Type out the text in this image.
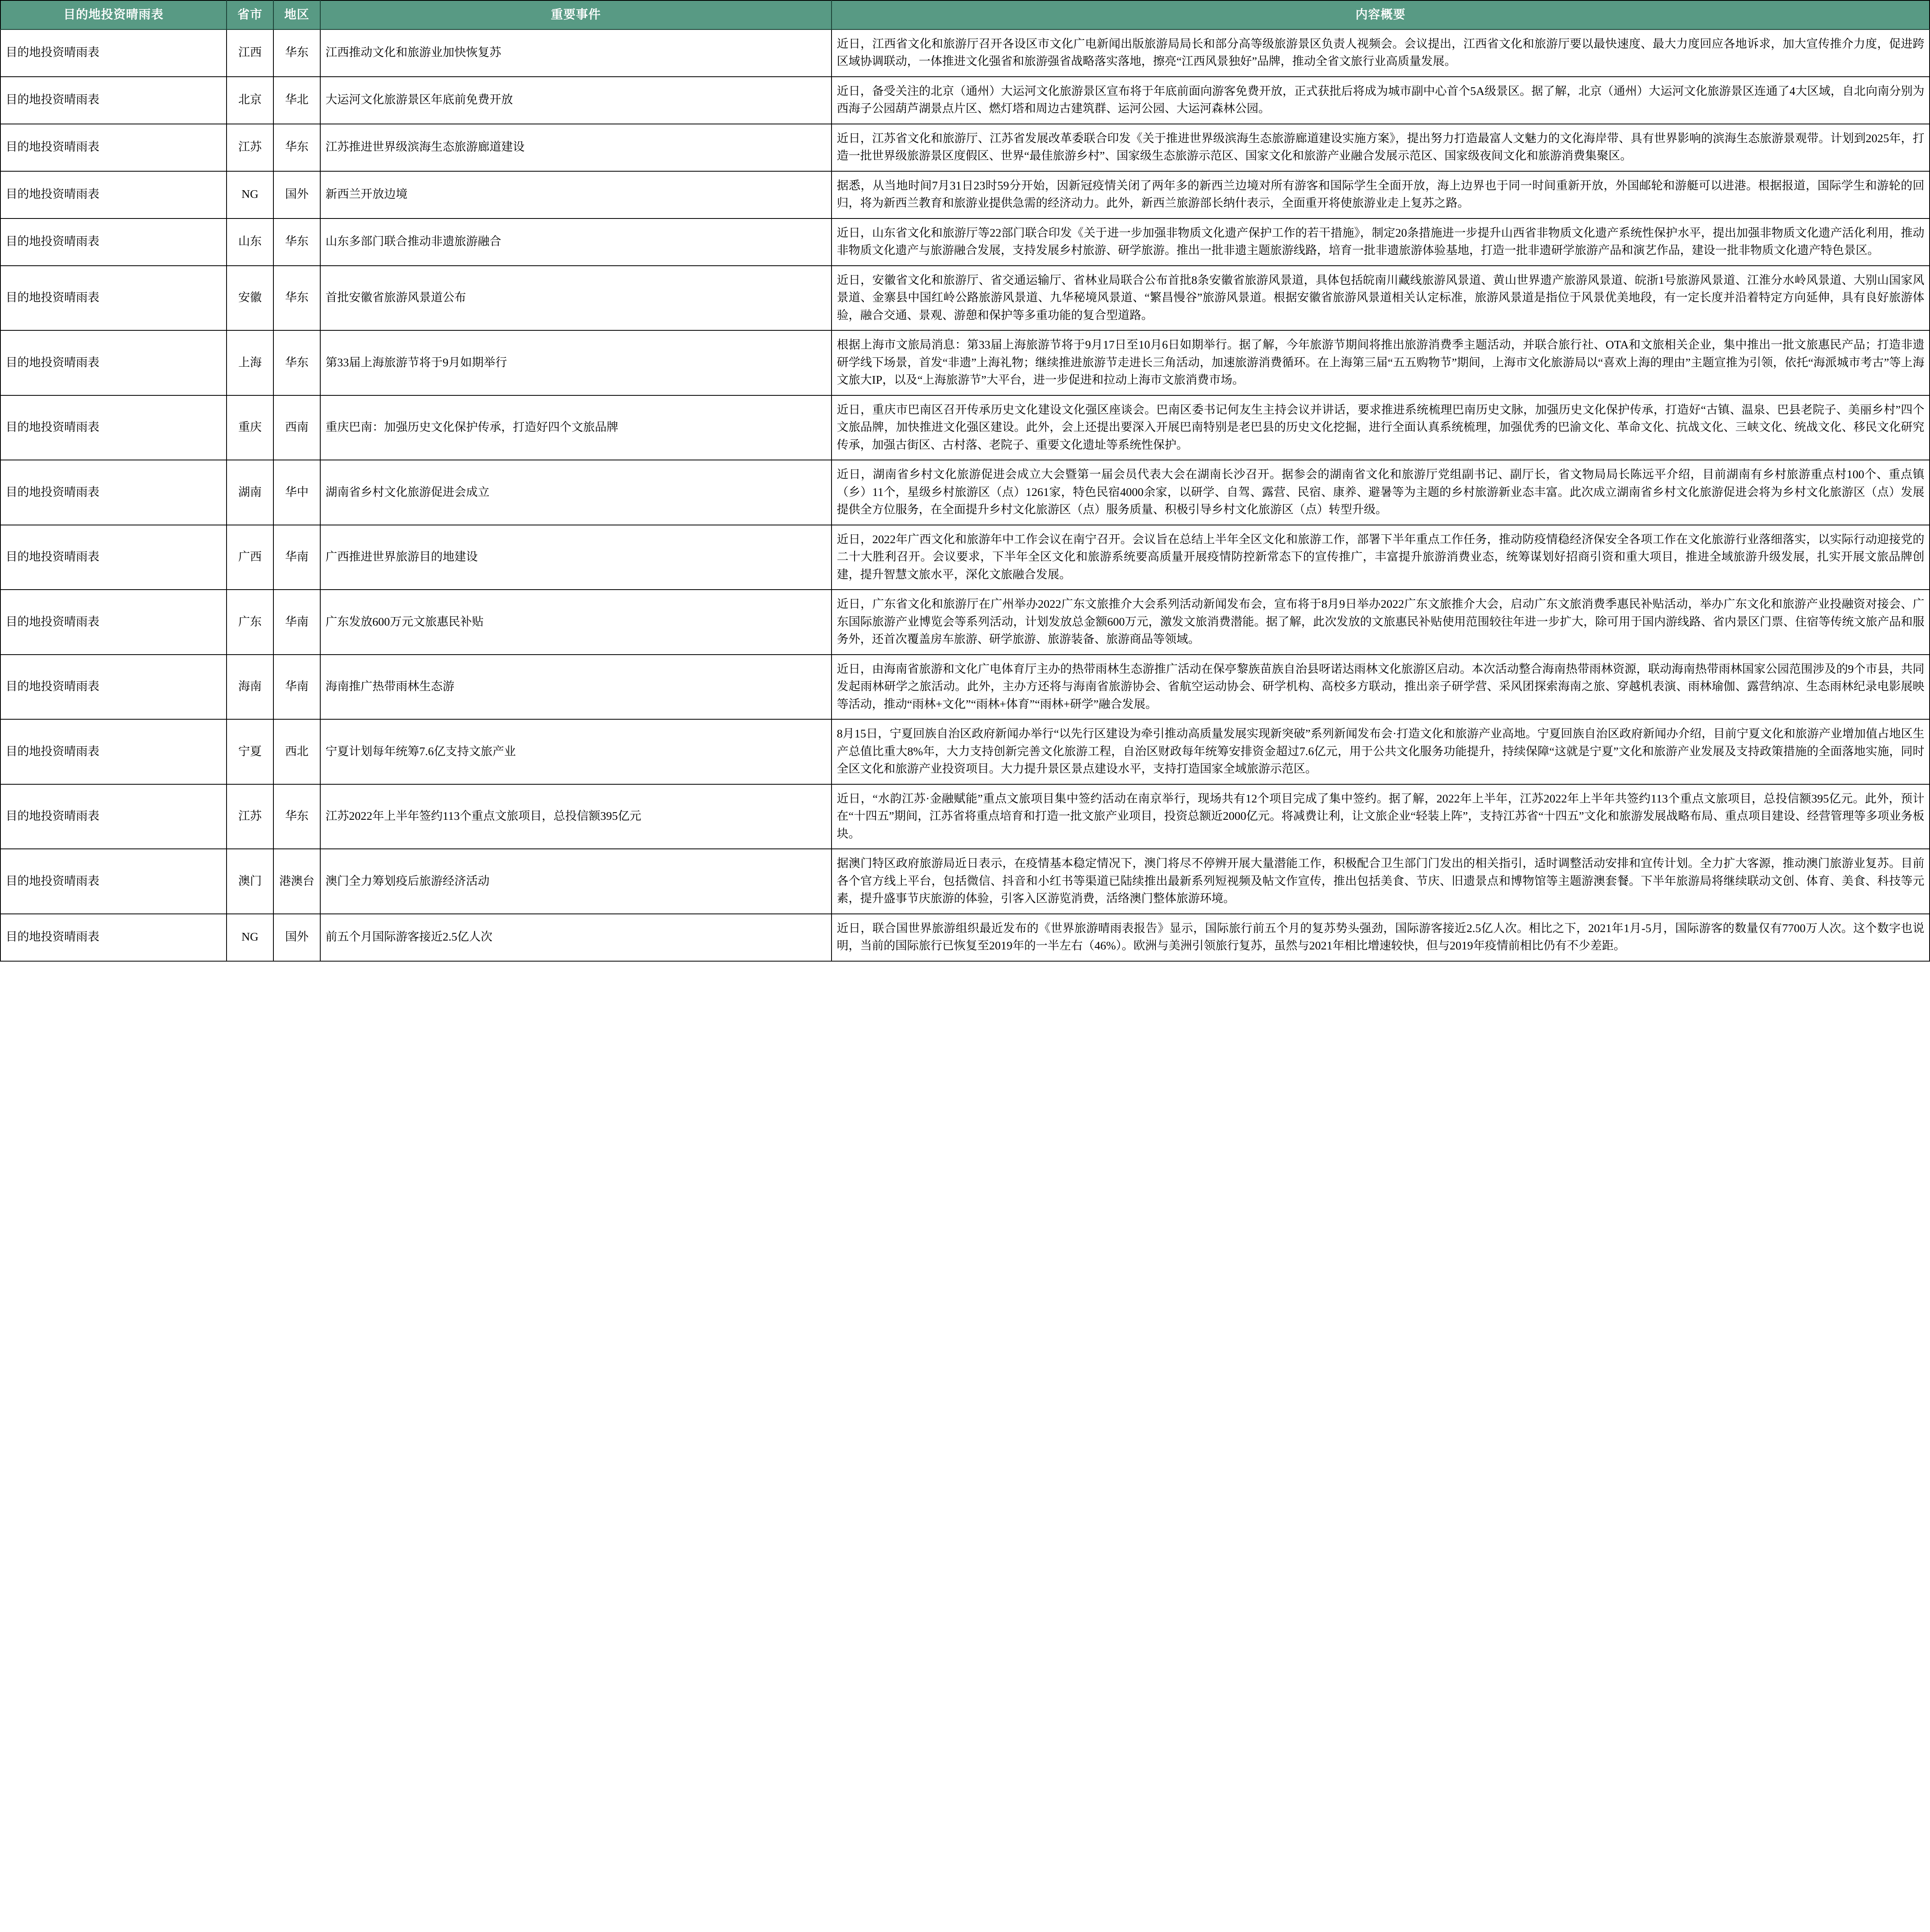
目的地投资晴雨表	省市	地区	重要事件	内容概要
目的地投资晴雨表	江西	华东	江西推动文化和旅游业加快恢复苏	近日，江西省文化和旅游厅召开各设区市文化广电新闻出版旅游局局长和部分高等级旅游景区负责人视频会。会议提出，江西省文化和旅游厅要以最快速度、最大力度回应各地诉求，加大宣传推介力度，促进跨区域协调联动，一体推进文化强省和旅游强省战略落实落地，擦亮“江西风景独好”品牌，推动全省文旅行业高质量发展。
目的地投资晴雨表	北京	华北	大运河文化旅游景区年底前免费开放	近日，备受关注的北京（通州）大运河文化旅游景区宣布将于年底前面向游客免费开放，正式获批后将成为城市副中心首个5A级景区。据了解，北京（通州）大运河文化旅游景区连通了4大区域，自北向南分别为西海子公园葫芦湖景点片区、燃灯塔和周边古建筑群、运河公园、大运河森林公园。
目的地投资晴雨表	江苏	华东	江苏推进世界级滨海生态旅游廊道建设	近日，江苏省文化和旅游厅、江苏省发展改革委联合印发《关于推进世界级滨海生态旅游廊道建设实施方案》，提出努力打造最富人文魅力的文化海岸带、具有世界影响的滨海生态旅游景观带。计划到2025年，打造一批世界级旅游景区度假区、世界“最佳旅游乡村”、国家级生态旅游示范区、国家文化和旅游产业融合发展示范区、国家级夜间文化和旅游消费集聚区。
目的地投资晴雨表	NG	国外	新西兰开放边境	据悉，从当地时间7月31日23时59分开始，因新冠疫情关闭了两年多的新西兰边境对所有游客和国际学生全面开放，海上边界也于同一时间重新开放，外国邮轮和游艇可以进港。根据报道，国际学生和游轮的回归，将为新西兰教育和旅游业提供急需的经济动力。此外，新西兰旅游部长纳什表示，全面重开将使旅游业走上复苏之路。
目的地投资晴雨表	山东	华东	山东多部门联合推动非遗旅游融合	近日，山东省文化和旅游厅等22部门联合印发《关于进一步加强非物质文化遗产保护工作的若干措施》，制定20条措施进一步提升山西省非物质文化遗产系统性保护水平，提出加强非物质文化遗产活化利用，推动非物质文化遗产与旅游融合发展，支持发展乡村旅游、研学旅游。推出一批非遗主题旅游线路，培育一批非遗旅游体验基地，打造一批非遗研学旅游产品和演艺作品，建设一批非物质文化遗产特色景区。
目的地投资晴雨表	安徽	华东	首批安徽省旅游风景道公布	近日，安徽省文化和旅游厅、省交通运输厅、省林业局联合公布首批8条安徽省旅游风景道，具体包括皖南川藏线旅游风景道、黄山世界遗产旅游风景道、皖浙1号旅游风景道、江淮分水岭风景道、大别山国家风景道、金寨县中国红岭公路旅游风景道、九华秘境风景道、“繁昌慢谷”旅游风景道。根据安徽省旅游风景道相关认定标准，旅游风景道是指位于风景优美地段，有一定长度并沿着特定方向延伸，具有良好旅游体验，融合交通、景观、游憩和保护等多重功能的复合型道路。
目的地投资晴雨表	上海	华东	第33届上海旅游节将于9月如期举行	根据上海市文旅局消息：第33届上海旅游节将于9月17日至10月6日如期举行。据了解，今年旅游节期间将推出旅游消费季主题活动，并联合旅行社、OTA和文旅相关企业，集中推出一批文旅惠民产品；打造非遗研学线下场景，首发“非遗”上海礼物；继续推进旅游节走进长三角活动，加速旅游消费循环。在上海第三届“五五购物节”期间，上海市文化旅游局以“喜欢上海的理由”主题宣推为引领，依托“海派城市考古”等上海文旅大IP，以及“上海旅游节”大平台，进一步促进和拉动上海市文旅消费市场。
目的地投资晴雨表	重庆	西南	重庆巴南：加强历史文化保护传承，打造好四个文旅品牌	近日，重庆市巴南区召开传承历史文化建设文化强区座谈会。巴南区委书记何友生主持会议并讲话，要求推进系统梳理巴南历史文脉，加强历史文化保护传承，打造好“古镇、温泉、巴县老院子、美丽乡村”四个文旅品牌，加快推进文化强区建设。此外，会上还提出要深入开展巴南特别是老巴县的历史文化挖掘，进行全面认真系统梳理，加强优秀的巴渝文化、革命文化、抗战文化、三峡文化、统战文化、移民文化研究传承，加强古街区、古村落、老院子、重要文化遗址等系统性保护。
目的地投资晴雨表	湖南	华中	湖南省乡村文化旅游促进会成立	近日，湖南省乡村文化旅游促进会成立大会暨第一届会员代表大会在湖南长沙召开。据参会的湖南省文化和旅游厅党组副书记、副厅长，省文物局局长陈远平介绍，目前湖南有乡村旅游重点村100个、重点镇（乡）11个，星级乡村旅游区（点）1261家，特色民宿4000余家，以研学、自驾、露营、民宿、康养、避暑等为主题的乡村旅游新业态丰富。此次成立湖南省乡村文化旅游促进会将为乡村文化旅游区（点）发展提供全方位服务，在全面提升乡村文化旅游区（点）服务质量、积极引导乡村文化旅游区（点）转型升级。
目的地投资晴雨表	广西	华南	广西推进世界旅游目的地建设	近日，2022年广西文化和旅游年中工作会议在南宁召开。会议旨在总结上半年全区文化和旅游工作，部署下半年重点工作任务，推动防疫情稳经济保安全各项工作在文化旅游行业落细落实，以实际行动迎接党的二十大胜利召开。会议要求，下半年全区文化和旅游系统要高质量开展疫情防控新常态下的宣传推广，丰富提升旅游消费业态，统筹谋划好招商引资和重大项目，推进全域旅游升级发展，扎实开展文旅品牌创建，提升智慧文旅水平，深化文旅融合发展。
目的地投资晴雨表	广东	华南	广东发放600万元文旅惠民补贴	近日，广东省文化和旅游厅在广州举办2022广东文旅推介大会系列活动新闻发布会，宣布将于8月9日举办2022广东文旅推介大会，启动广东文旅消费季惠民补贴活动，举办广东文化和旅游产业投融资对接会、广东国际旅游产业博览会等系列活动，计划发放总金额600万元，激发文旅消费潜能。据了解，此次发放的文旅惠民补贴使用范围较往年进一步扩大，除可用于国内游线路、省内景区门票、住宿等传统文旅产品和服务外，还首次覆盖房车旅游、研学旅游、旅游装备、旅游商品等领域。
目的地投资晴雨表	海南	华南	海南推广热带雨林生态游	近日，由海南省旅游和文化广电体育厅主办的热带雨林生态游推广活动在保亭黎族苗族自治县呀诺达雨林文化旅游区启动。本次活动整合海南热带雨林资源，联动海南热带雨林国家公园范围涉及的9个市县，共同发起雨林研学之旅活动。此外，主办方还将与海南省旅游协会、省航空运动协会、研学机构、高校多方联动，推出亲子研学营、采风团探索海南之旅、穿越机表演、雨林瑜伽、露营纳凉、生态雨林纪录电影展映等活动，推动“雨林+文化”“雨林+体育”“雨林+研学”融合发展。
目的地投资晴雨表	宁夏	西北	宁夏计划每年统筹7.6亿支持文旅产业	8月15日，宁夏回族自治区政府新闻办举行“以先行区建设为牵引推动高质量发展实现新突破”系列新闻发布会·打造文化和旅游产业高地。宁夏回族自治区政府新闻办介绍，目前宁夏文化和旅游产业增加值占地区生产总值比重大8%年，大力支持创新完善文化旅游工程，自治区财政每年统筹安排资金超过7.6亿元，用于公共文化服务功能提升，持续保障“这就是宁夏”文化和旅游产业发展及支持政策措施的全面落地实施，同时全区文化和旅游产业投资项目。大力提升景区景点建设水平，支持打造国家全域旅游示范区。
目的地投资晴雨表	江苏	华东	江苏2022年上半年签约113个重点文旅项目，总投信额395亿元	近日，“水韵江苏·金融赋能”重点文旅项目集中签约活动在南京举行，现场共有12个项目完成了集中签约。据了解，2022年上半年，江苏2022年上半年共签约113个重点文旅项目，总投信额395亿元。此外，预计在“十四五”期间，江苏省将重点培育和打造一批文旅产业项目，投资总额近2000亿元。将减费让利，让文旅企业“轻装上阵”，支持江苏省“十四五”文化和旅游发展战略布局、重点项目建设、经营管理等多项业务板块。
目的地投资晴雨表	澳门	港澳台	澳门全力筹划疫后旅游经济活动	据澳门特区政府旅游局近日表示，在疫情基本稳定情况下，澳门将尽不停辨开展大量潜能工作，积极配合卫生部门门发出的相关指引，适时调整活动安排和宜传计划。全力扩大客源，推动澳门旅游业复苏。目前各个官方线上平台，包括微信、抖音和小红书等渠道已陆续推出最新系列短视频及帖文作宣传，推出包括美食、节庆、旧遗景点和博物馆等主题游澳套餐。下半年旅游局将继续联动文创、体育、美食、科技等元素，提升盛事节庆旅游的体验，引客入区游览消费，活络澳门整体旅游环境。
目的地投资晴雨表	NG	国外	前五个月国际游客接近2.5亿人次	近日，联合国世界旅游组织最近发布的《世界旅游晴雨表报告》显示，国际旅行前五个月的复苏势头强劲，国际游客接近2.5亿人次。相比之下，2021年1月-5月，国际游客的数量仅有7700万人次。这个数字也说明，当前的国际旅行已恢复至2019年的一半左右（46%）。欧洲与美洲引领旅行复苏，虽然与2021年相比增速较快，但与2019年疫情前相比仍有不少差距。
